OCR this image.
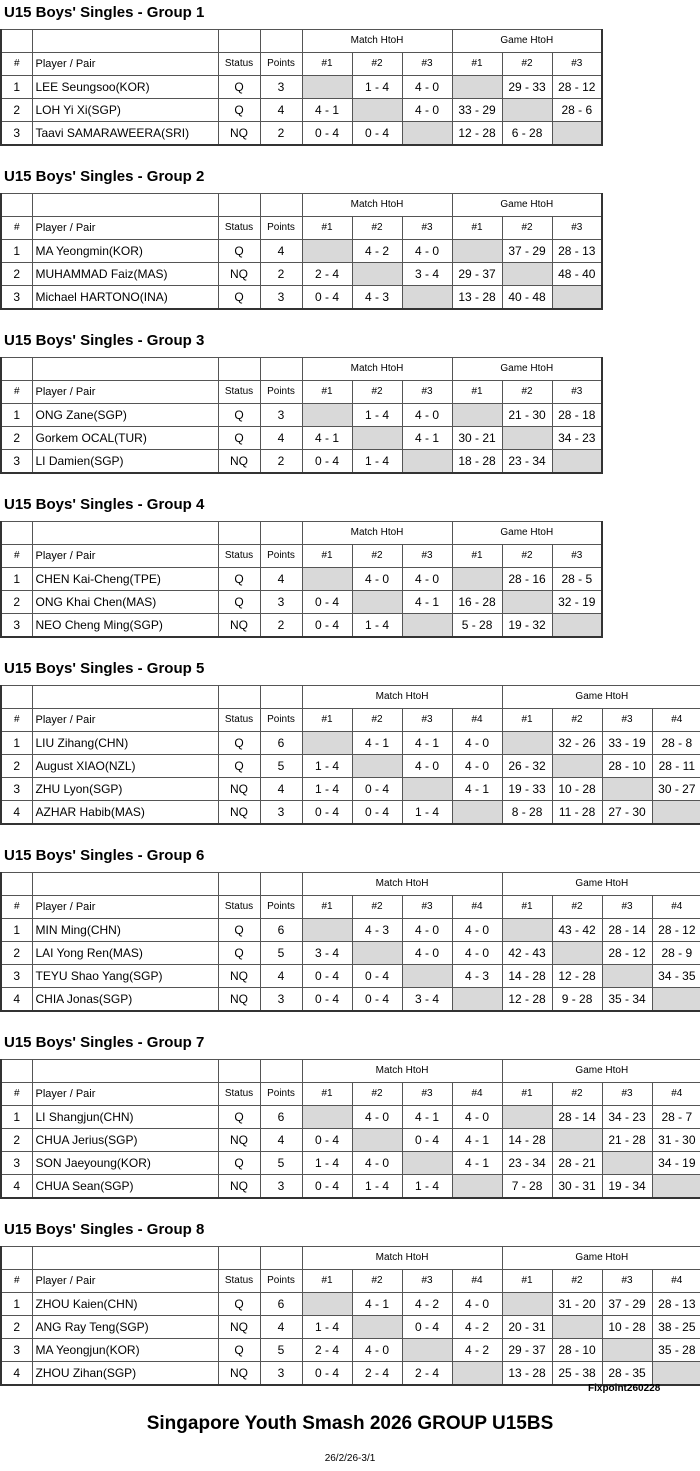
U15 Boys' Singles - Group 1
				Match HtoH			Game HtoH		
#	Player / Pair	Status	Points	#1	#2	#3	#1	#2	#3
1	LEE Seungsoo(KOR)	Q	3		1 - 4	4 - 0		29 - 33	28 - 12
2	LOH Yi Xi(SGP)	Q	4	4 - 1		4 - 0	33 - 29		28 - 6
3	Taavi SAMARAWEERA(SRI)	NQ	2	0 - 4	0 - 4		12 - 28	6 - 28	
U15 Boys' Singles - Group 2
				Match HtoH			Game HtoH		
#	Player / Pair	Status	Points	#1	#2	#3	#1	#2	#3
1	MA Yeongmin(KOR)	Q	4		4 - 2	4 - 0		37 - 29	28 - 13
2	MUHAMMAD Faiz(MAS)	NQ	2	2 - 4		3 - 4	29 - 37		48 - 40
3	Michael HARTONO(INA)	Q	3	0 - 4	4 - 3		13 - 28	40 - 48	
U15 Boys' Singles - Group 3
				Match HtoH			Game HtoH		
#	Player / Pair	Status	Points	#1	#2	#3	#1	#2	#3
1	ONG Zane(SGP)	Q	3		1 - 4	4 - 0		21 - 30	28 - 18
2	Gorkem OCAL(TUR)	Q	4	4 - 1		4 - 1	30 - 21		34 - 23
3	LI Damien(SGP)	NQ	2	0 - 4	1 - 4		18 - 28	23 - 34	
U15 Boys' Singles - Group 4
				Match HtoH			Game HtoH		
#	Player / Pair	Status	Points	#1	#2	#3	#1	#2	#3
1	CHEN Kai-Cheng(TPE)	Q	4		4 - 0	4 - 0		28 - 16	28 - 5
2	ONG Khai Chen(MAS)	Q	3	0 - 4		4 - 1	16 - 28		32 - 19
3	NEO Cheng Ming(SGP)	NQ	2	0 - 4	1 - 4		5 - 28	19 - 32	
U15 Boys' Singles - Group 5
				Match HtoH				Game HtoH			
#	Player / Pair	Status	Points	#1	#2	#3	#4	#1	#2	#3	#4
1	LIU Zihang(CHN)	Q	6		4 - 1	4 - 1	4 - 0		32 - 26	33 - 19	28 - 8
2	August XIAO(NZL)	Q	5	1 - 4		4 - 0	4 - 0	26 - 32		28 - 10	28 - 11
3	ZHU Lyon(SGP)	NQ	4	1 - 4	0 - 4		4 - 1	19 - 33	10 - 28		30 - 27
4	AZHAR Habib(MAS)	NQ	3	0 - 4	0 - 4	1 - 4		8 - 28	11 - 28	27 - 30	
U15 Boys' Singles - Group 6
				Match HtoH				Game HtoH			
#	Player / Pair	Status	Points	#1	#2	#3	#4	#1	#2	#3	#4
1	MIN Ming(CHN)	Q	6		4 - 3	4 - 0	4 - 0		43 - 42	28 - 14	28 - 12
2	LAI Yong Ren(MAS)	Q	5	3 - 4		4 - 0	4 - 0	42 - 43		28 - 12	28 - 9
3	TEYU Shao Yang(SGP)	NQ	4	0 - 4	0 - 4		4 - 3	14 - 28	12 - 28		34 - 35
4	CHIA Jonas(SGP)	NQ	3	0 - 4	0 - 4	3 - 4		12 - 28	9 - 28	35 - 34	
U15 Boys' Singles - Group 7
				Match HtoH				Game HtoH			
#	Player / Pair	Status	Points	#1	#2	#3	#4	#1	#2	#3	#4
1	LI Shangjun(CHN)	Q	6		4 - 0	4 - 1	4 - 0		28 - 14	34 - 23	28 - 7
2	CHUA Jerius(SGP)	NQ	4	0 - 4		0 - 4	4 - 1	14 - 28		21 - 28	31 - 30
3	SON Jaeyoung(KOR)	Q	5	1 - 4	4 - 0		4 - 1	23 - 34	28 - 21		34 - 19
4	CHUA Sean(SGP)	NQ	3	0 - 4	1 - 4	1 - 4		7 - 28	30 - 31	19 - 34	
U15 Boys' Singles - Group 8
				Match HtoH				Game HtoH			
#	Player / Pair	Status	Points	#1	#2	#3	#4	#1	#2	#3	#4
1	ZHOU Kaien(CHN)	Q	6		4 - 1	4 - 2	4 - 0		31 - 20	37 - 29	28 - 13
2	ANG Ray Teng(SGP)	NQ	4	1 - 4		0 - 4	4 - 2	20 - 31		10 - 28	38 - 25
3	MA Yeongjun(KOR)	Q	5	2 - 4	4 - 0		4 - 2	29 - 37	28 - 10		35 - 28
4	ZHOU Zihan(SGP)	NQ	3	0 - 4	2 - 4	2 - 4		13 - 28	25 - 38	28 - 35	
Fixpoint260228
Singapore Youth Smash 2026 GROUP U15BS
26/2/26-3/1
